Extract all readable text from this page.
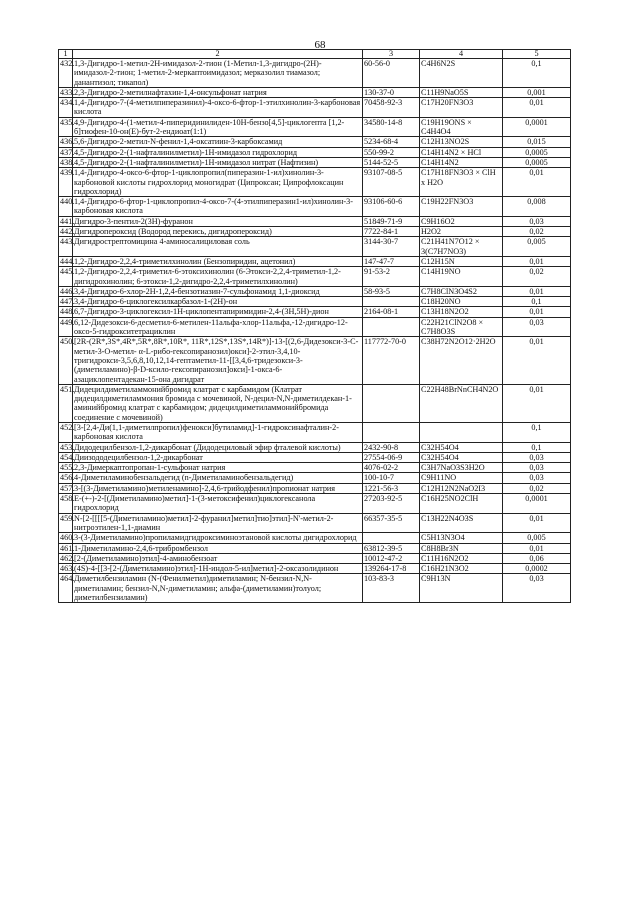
68
1	2	3	4	5
432.	1,3-Дигидро-1-метил-2Н-имидазол-2-тион (1-Метил-1,3-дигидро-(2Н)-имидазол-2-тион; 1-метил-2-меркаптоимидазол; мерказолил тиамазол; данантизол; тикапол)	60-56-0	C4H6N2S	0,1
433.	2,3-Дигидро-2-метилнафтахин-1,4-онсульфонат натрия	130-37-0	C11H9NaO5S	0,001
434.	1,4-Дигидро-7-(4-метилпиперазинил)-4-оксо-6-фтор-1-этилхинолин-3-карбоновая кислота	70458-92-3	C17H20FN3O3	0,01
435.	4,9-Дигидро-4-(1-метил-4-пиперидинилиден-10Н-бензо[4,5]-циклогепта [1,2-б]тиофен-10-он(Е)-бут-2-ендиоат(1:1)	34580-14-8	C19H19ONS × C4H4O4	0,0001
436.	5,6-Дигидро-2-метил-N-фенил-1,4-оксатиин-3-карбоксамид	5234-68-4	C12H13NO2S	0,015
437.	4,5-Дигидро-2-(1-нафталинилметил)-1Н-имидазол гидрохлорид	550-99-2	C14H14N2 × HCl	0,0005
438.	4,5-Дигидро-2-(1-нафталинилметил)-1Н-имидазол нитрат (Нафтизин)	5144-52-5	C14H14N2	0,0005
439.	1,4-Дигидро-4-оксо-6-фтор-1-циклопропил(пиперазин-1-ил)хинолин-3-карбоновой кислоты гидрохлорид моногидрат (Ципроксан; Ципрофлоксацин гидрохлорид)	93107-08-5	C17H18FN3O3 × ClH x H2O	0,01
440.	1,4-Дигидро-6-фтор-1-циклопропил-4-оксо-7-(4-этилпиперазин1-ил)хинолин-3-карбоновая кислота	93106-60-6	C19H22FN3O3	0,008
441.	Дигидро-3-пентил-2(3Н)-фуранон	51849-71-9	C9H16O2	0,03
442.	Дигидропероксид (Водород перекись, дигидропероксид)	7722-84-1	H2O2	0,02
443.	Дигидрострептомицина 4-аминосалициловая соль	3144-30-7	C21H41N7O12 × 3(C7H7NO3)	0,005
444.	1,2-Дигидро-2,2,4-триметилхинолин (Бензопиридин, ацетонил)	147-47-7	C12H15N	0,01
445.	1,2-Дигидро-2,2,4-триметил-6-этоксихинолин (6-Этокси-2,2,4-триметил-1,2-дигидрохинолин; 6-этокси-1,2-дигидро-2,2,4-триметилхинолин)	91-53-2	C14H19NO	0,02
446.	3,4-Дигидро-6-хлор-2Н-1,2,4-бензотиазин-7-сульфонамид 1,1-диоксид	58-93-5	C7H8ClN3O4S2	0,01
447.	3,4-Дигидро-6-циклогексилкарбазол-1-(2Н)-он		C18H20NO	0,1
448.	6,7-Дигидро-3-циклогексил-1Н-циклопентапиримидин-2,4-(3Н,5Н)-дион	2164-08-1	C13H18N2O2	0,01
449.	6,12-Дидезокси-6-десметил-6-метилен-11альфа-хлор-11альфа,-12-дигидро-12-оксо-5-гидрокситетрациклин		C22H21ClN2O8 × C7H8O3S	0,03
450.	[2R-(2R*,3S*,4R*,5R*,8R*,10R*, 11R*,12S*,13S*,14R*)]-13-[(2,6-Дидезокси-3-С-метил-3-О-метил- α-L-рибо-гексопиранозил)окси]-2-этил-3,4,10-тригидрокси-3,5,6,8,10,12,14-гептаметил-11-[[3,4,6-тридезокси-3-(диметиламино)-β-D-ксило-гексопиранозил]окси]-1-окса-6-азациклопентадекан-15-она дигидрат	117772-70-0	C38H72N2O12·2H2O	0,01
451.	Дидецилдиметиламмонийбромид клатрат с карбамидом (Клатрат дидецилдиметиламмония бромида с мочевиной, N-децил-N,N-диметилдекан-1-аминийбромид клатрат с карбамидом; дидецилдиметиламмонийбромида соединение с мочевиной)		C22H48BrNnCH4N2O	0,01
452.	[3-[2,4-Ди(1,1-диметилпропил)фенокси]бутиламид]-1-гидроксинафталин-2-карбоновая кислота			0,1
453.	Дидодецилбензол-1,2-дикарбонат (Дидодециловый эфир фталевой кислоты)	2432-90-8	C32H54O4	0,1
454.	Диизододецилбензол-1,2-дикарбонат	27554-06-9	C32H54O4	0,03
455.	2,3-Димеркаптопропан-1-сульфонат натрия	4076-02-2	C3H7NaO3S3H2O	0,03
456.	4-Диметиламинобензальдегид (n-Диметиламинобензальдегид)	100-10-7	C9H11NO	0,03
457.	3-[(3-Диметиламино)метиленамино]-2,4,6-трийодфенил)пропионат натрия	1221-56-3	C12H12N2NaO2I3	0,02
458.	Е-(+-)-2-[(Диметиламино)метил]-1-(3-метоксифенил)циклогексанола гидрохлорид	27203-92-5	C16H25NO2ClH	0,0001
459.	N-[2-[[[[5-(Диметиламино)метил]-2-фуранил]метил]тио]этил]-N'-метил-2-нитроэтилен-1,1-диамин	66357-35-5	C13H22N4O3S	0,01
460.	3-(3-Диметиламино)пропиламидгидроксиминоэтановой кислоты дигидрохлорид		C5H13N3O4	0,005
461.	1-Диметиламино-2,4,6-трибромбензол	63812-39-5	C8H8Br3N	0,01
462.	[2-(Диметиламино)этил]-4-аминобензоат	10012-47-2	C11H16N2O2	0,06
463.	(4S)-4-[[3-[2-(Диметиламино)этил]-1Н-индол-5-ил]метил]-2-оксазолидинон	139264-17-8	C16H21N3O2	0,0002
464.	Диметилбензиламин (N-(Фенилметил)диметиламин; N-бензил-N,N-диметиламин; бензил-N,N-диметиламин; альфа-(диметиламин)толуол; диметилбензиламин)	103-83-3	C9H13N	0,03
